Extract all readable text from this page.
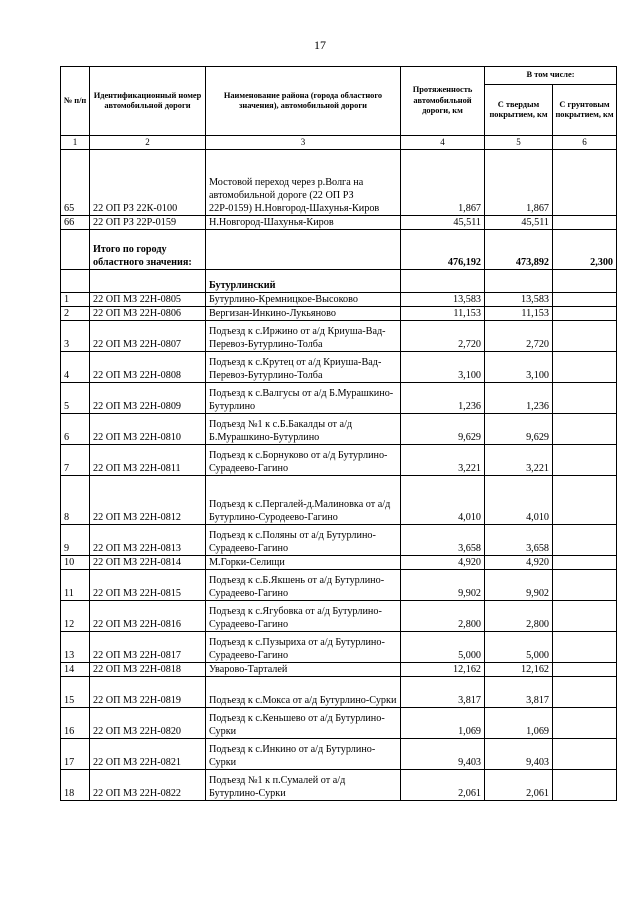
17
№ п/п	Идентификационный номер автомобильной дороги	Наименование района (города областного значения), автомобильной дороги	Протяженность автомобильной дороги, км	В том числе:	
				С твердым покрытием, км	С грунтовым покрытием, км
1	2	3	4	5	6
65	22 ОП РЗ 22К-0100	Мостовой переход через р.Волга на автомобильной дороге (22 ОП РЗ 22Р-0159) Н.Новгород-Шахунья-Киров	1,867	1,867	
66	22 ОП РЗ 22Р-0159	Н.Новгород-Шахунья-Киров	45,511	45,511	
	Итого по городу областного значения:		476,192	473,892	2,300
		Бутурлинский			
1	22 ОП МЗ 22Н-0805	Бутурлино-Кремницкое-Высоково	13,583	13,583	
2	22 ОП МЗ 22Н-0806	Вергизан-Инкино-Лукьяново	11,153	11,153	
3	22 ОП МЗ 22Н-0807	Подъезд к с.Иржино от а/д Криуша-Вад-Перевоз-Бутурлино-Толба	2,720	2,720	
4	22 ОП МЗ 22Н-0808	Подъезд к с.Крутец от а/д Криуша-Вад-Перевоз-Бутурлино-Толба	3,100	3,100	
5	22 ОП МЗ 22Н-0809	Подъезд к с.Валгусы от а/д Б.Мурашкино-Бутурлино	1,236	1,236	
6	22 ОП МЗ 22Н-0810	Подъезд №1 к с.Б.Бакалды от а/д Б.Мурашкино-Бутурлино	9,629	9,629	
7	22 ОП МЗ 22Н-0811	Подъезд к с.Борнуково от а/д Бутурлино-Сурадеево-Гагино	3,221	3,221	
8	22 ОП МЗ 22Н-0812	Подъезд к с.Пергалей-д.Малиновка от а/д Бутурлино-Суродеево-Гагино	4,010	4,010	
9	22 ОП МЗ 22Н-0813	Подъезд к с.Поляны от а/д Бутурлино-Сурадеево-Гагино	3,658	3,658	
10	22 ОП МЗ 22Н-0814	М.Горки-Селищи	4,920	4,920	
11	22 ОП МЗ 22Н-0815	Подъезд к с.Б.Якшень от а/д Бутурлино-Сурадеево-Гагино	9,902	9,902	
12	22 ОП МЗ 22Н-0816	Подъезд к с.Ягубовка от а/д Бутурлино-Сурадеево-Гагино	2,800	2,800	
13	22 ОП МЗ 22Н-0817	Подъезд к с.Пузыриха от а/д Бутурлино-Сурадеево-Гагино	5,000	5,000	
14	22 ОП МЗ 22Н-0818	Уварово-Тарталей	12,162	12,162	
15	22 ОП МЗ 22Н-0819	Подъезд к с.Мокса от а/д Бутурлино-Сурки	3,817	3,817	
16	22 ОП МЗ 22Н-0820	Подъезд к с.Кеньшево от а/д Бутурлино-Сурки	1,069	1,069	
17	22 ОП МЗ 22Н-0821	Подъезд к с.Инкино от а/д Бутурлино-Сурки	9,403	9,403	
18	22 ОП МЗ 22Н-0822	Подъезд №1 к п.Сумалей от а/д Бутурлино-Сурки	2,061	2,061	
